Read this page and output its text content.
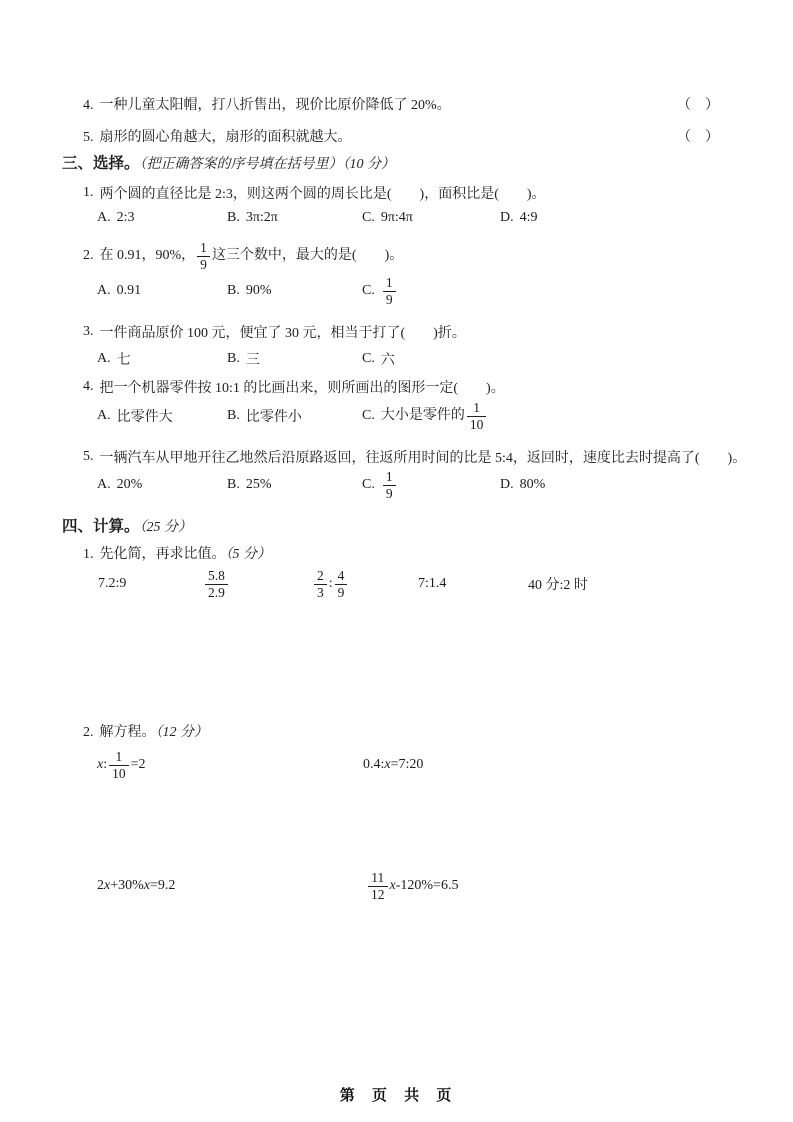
4. 一种儿童太阳帽，打八折售出，现价比原价降低了 20%。	（　）
5. 扇形的圆心角越大，扇形的面积就越大。	（　）
三、选择。（把正确答案的序号填在括号里）（10 分）
1. 两个圆的直径比是 2:3，则这两个圆的周长比是(　　)，面积比是(　　)。
A. 2:3	B. 3π:2π	C. 9π:4π	D. 4:9
2. 在 0.91，90%， $\frac{1}{9}$ 这三个数中，最大的是(　　)。
A. 0.91	B. 90%	C. $\frac{1}{9}$
3. 一件商品原价 100 元，便宜了 30 元，相当于打了(　　)折。
A. 七	B. 三	C. 六
4. 把一个机器零件按 10:1 的比画出来，则所画出的图形一定(　　)。
A. 比零件大	B. 比零件小	C. 大小是零件的 $\frac{1}{10}$
5. 一辆汽车从甲地开往乙地然后沿原路返回，往返所用时间的比是 5:4，返回时，速度比去时提高了(　　)。
A. 20%	B. 25%	C. $\frac{1}{9}$	D. 80%
四、计算。（25 分）
1. 先化简，再求比值。（5 分）
7.2:9	$\frac{5.8}{2.9}$	$\frac{2}{3}$ : $\frac{4}{9}$	7:1.4	40 分:2 时
2. 解方程。（12 分）
x : $\frac{1}{10} =2$	0.4: x =7:20
2 x +30% x =9.2	$\frac{11}{12}$ x -120%=6.5
第 页 共 页
